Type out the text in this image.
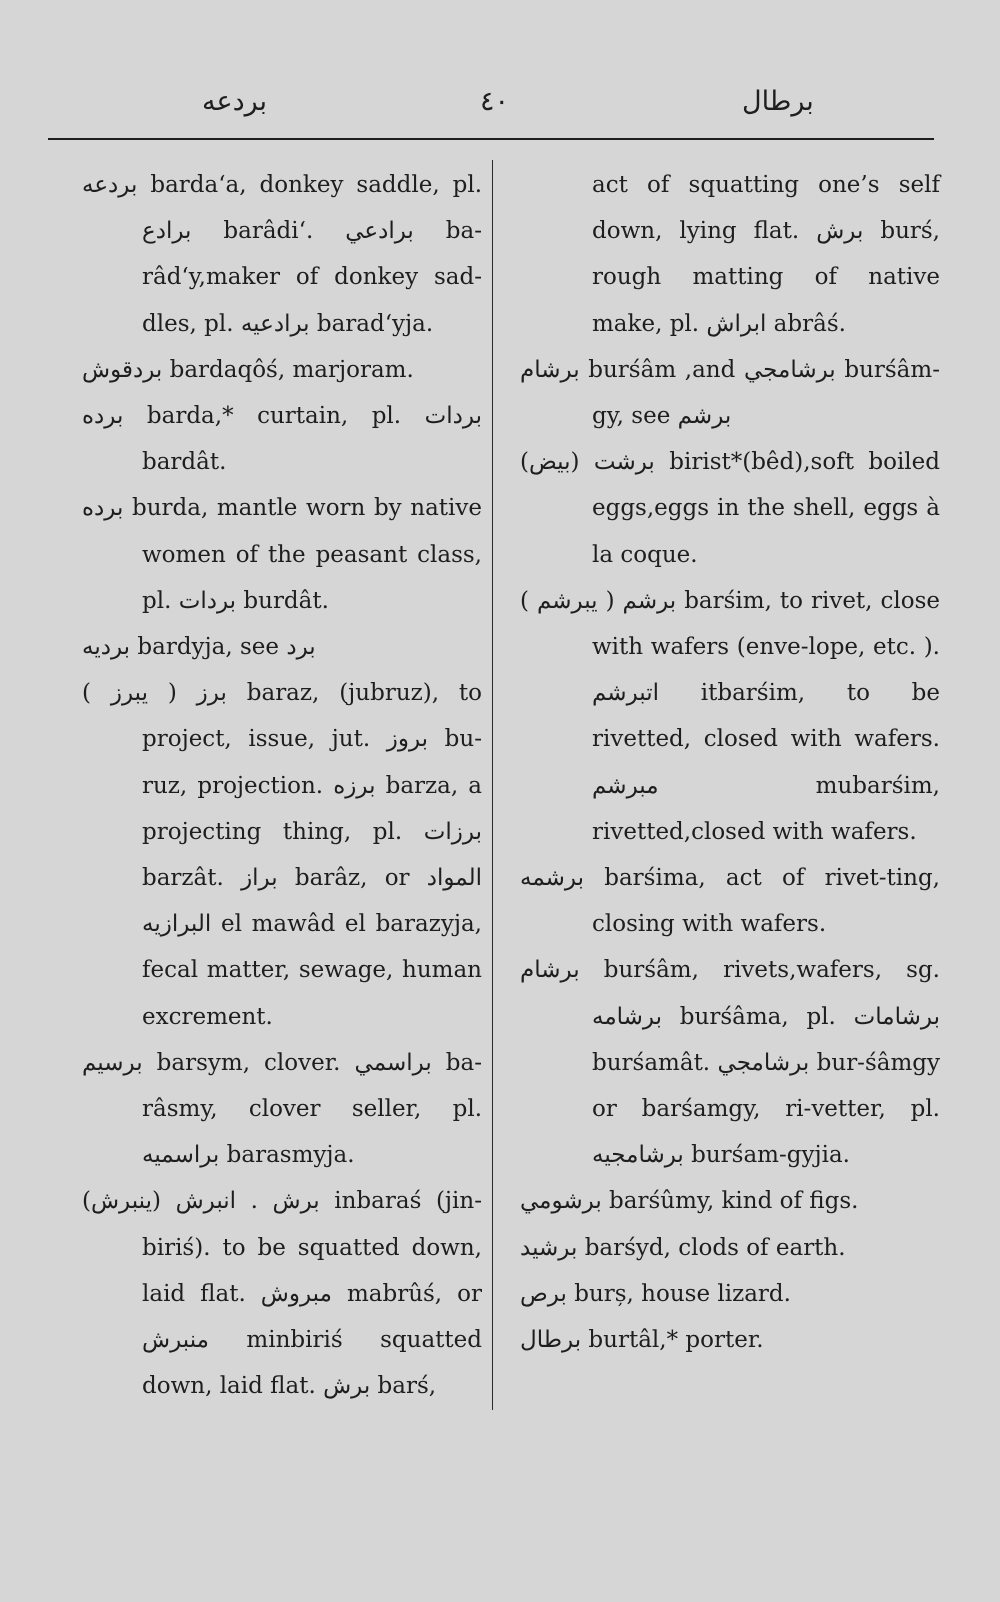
بردعه	٤٠	برطال

بردعه barda‘a, donkey saddle, pl. برادع barâdi‘. برادعي ba-râd‘y,maker of donkey sad-dles, pl. برادعيه barad‘yja.

بردقوش bardaqôś, marjoram.

برده barda,* curtain, pl. بردات bardât.

برده burda, mantle worn by native women of the peasant class, pl. بردات burdât.

برديه bardyja, see برد

برز ( يبرز ) baraz, (jubruz), to project, issue, jut. بروز bu-ruz, projection. برزه barza, a projecting thing, pl. برزات barzât. براز barâz, or المواد البرازيه el mawâd el barazyja, fecal matter, sewage, human excrement.

برسيم barsym, clover. براسمي ba-râsmy, clover seller, pl. براسميه barasmyja.

برش . انبرش (ينبرش) inbaraś (jin-biriś). to be squatted down, laid flat. مبروش mabrûś, or منبرش minbiriś squatted down, laid flat. برش barś,

act of squatting one’s self down, lying flat. برش burś, rough matting of native make, pl. ابراش abrâś.

برشام burśâm ,and برشامجي burśâm-gy, see برشم

برشت (بيض) birist*(bêd),soft boiled eggs,eggs in the shell, eggs à la coque.

برشم ( يبرشم ) barśim, to rivet, close with wafers (enve-lope, etc. ). اتبرشم itbarśim, to be rivetted, closed with wafers. مبرشم mubarśim, rivetted,closed with wafers.

برشمه barśima, act of rivet-ting, closing with wafers.

برشام burśâm, rivets,wafers, sg. برشامه burśâma, pl. برشامات burśamât. برشامجي bur-śâmgy or barśamgy, ri-vetter, pl. برشامجيه burśam-gyjia.

برشومي barśûmy, kind of figs.

برشيد barśyd, clods of earth.

برص burș, house lizard.

برطال burtâl,* porter.
